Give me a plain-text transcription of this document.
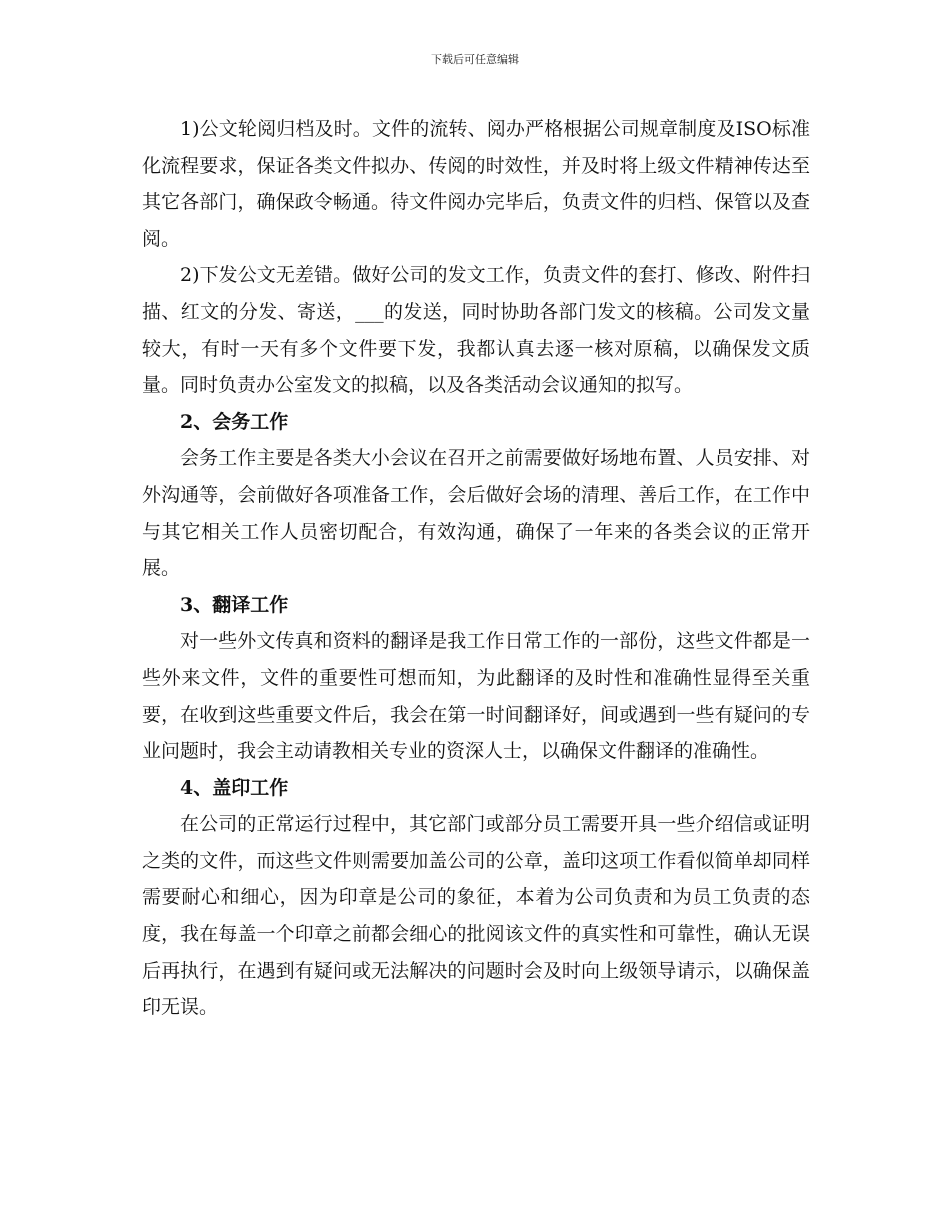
下载后可任意编辑

1)公文轮阅归档及时。文件的流转、阅办严格根据公司规章制度及ISO标准化流程要求，保证各类文件拟办、传阅的时效性，并及时将上级文件精神传达至其它各部门，确保政令畅通。待文件阅办完毕后，负责文件的归档、保管以及查阅。

2)下发公文无差错。做好公司的发文工作，负责文件的套打、修改、附件扫描、红文的分发、寄送，___的发送，同时协助各部门发文的核稿。公司发文量较大，有时一天有多个文件要下发，我都认真去逐一核对原稿，以确保发文质量。同时负责办公室发文的拟稿，以及各类活动会议通知的拟写。

2、会务工作

会务工作主要是各类大小会议在召开之前需要做好场地布置、人员安排、对外沟通等，会前做好各项准备工作，会后做好会场的清理、善后工作，在工作中与其它相关工作人员密切配合，有效沟通，确保了一年来的各类会议的正常开展。

3、翻译工作

对一些外文传真和资料的翻译是我工作日常工作的一部份，这些文件都是一些外来文件，文件的重要性可想而知，为此翻译的及时性和准确性显得至关重要，在收到这些重要文件后，我会在第一时间翻译好，间或遇到一些有疑问的专业问题时，我会主动请教相关专业的资深人士，以确保文件翻译的准确性。

4、盖印工作

在公司的正常运行过程中，其它部门或部分员工需要开具一些介绍信或证明之类的文件，而这些文件则需要加盖公司的公章，盖印这项工作看似简单却同样需要耐心和细心，因为印章是公司的象征，本着为公司负责和为员工负责的态度，我在每盖一个印章之前都会细心的批阅该文件的真实性和可靠性，确认无误后再执行，在遇到有疑问或无法解决的问题时会及时向上级领导请示，以确保盖印无误。
